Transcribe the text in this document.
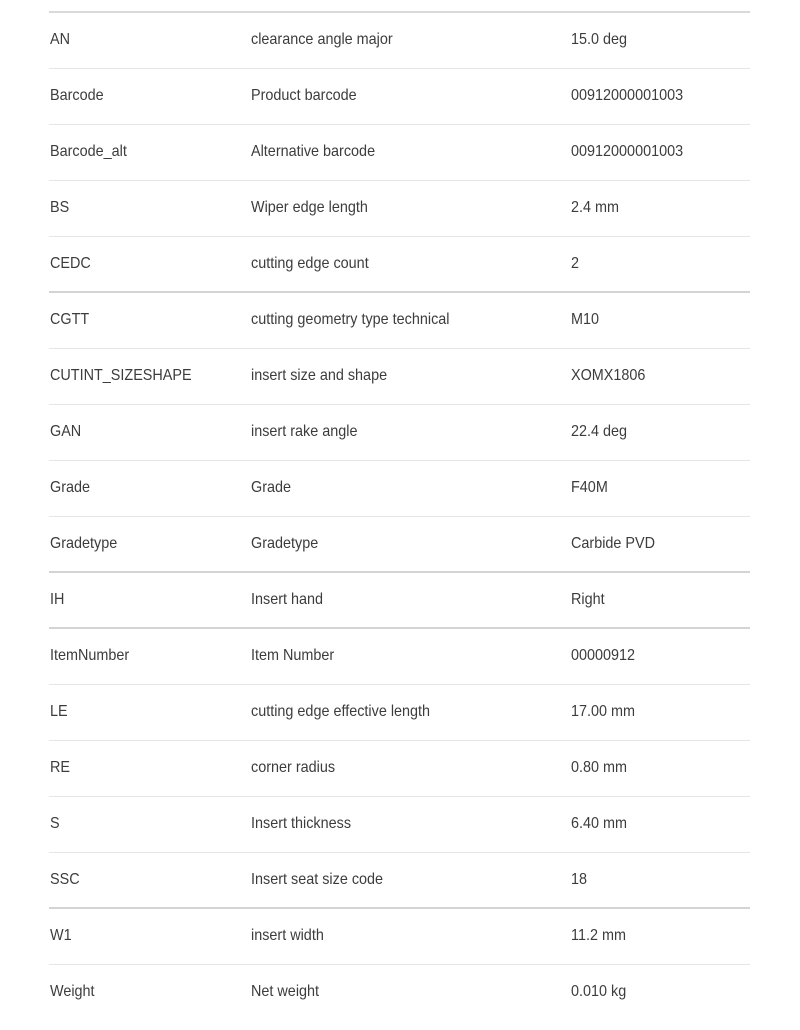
AN	clearance angle major	15.0 deg
Barcode	Product barcode	00912000001003
Barcode_alt	Alternative barcode	00912000001003
BS	Wiper edge length	2.4 mm
CEDC	cutting edge count	2
CGTT	cutting geometry type technical	M10
CUTINT_SIZESHAPE	insert size and shape	XOMX1806
GAN	insert rake angle	22.4 deg
Grade	Grade	F40M
Gradetype	Gradetype	Carbide PVD
IH	Insert hand	Right
ItemNumber	Item Number	00000912
LE	cutting edge effective length	17.00 mm
RE	corner radius	0.80 mm
S	Insert thickness	6.40 mm
SSC	Insert seat size code	18
W1	insert width	11.2 mm
Weight	Net weight	0.010 kg
